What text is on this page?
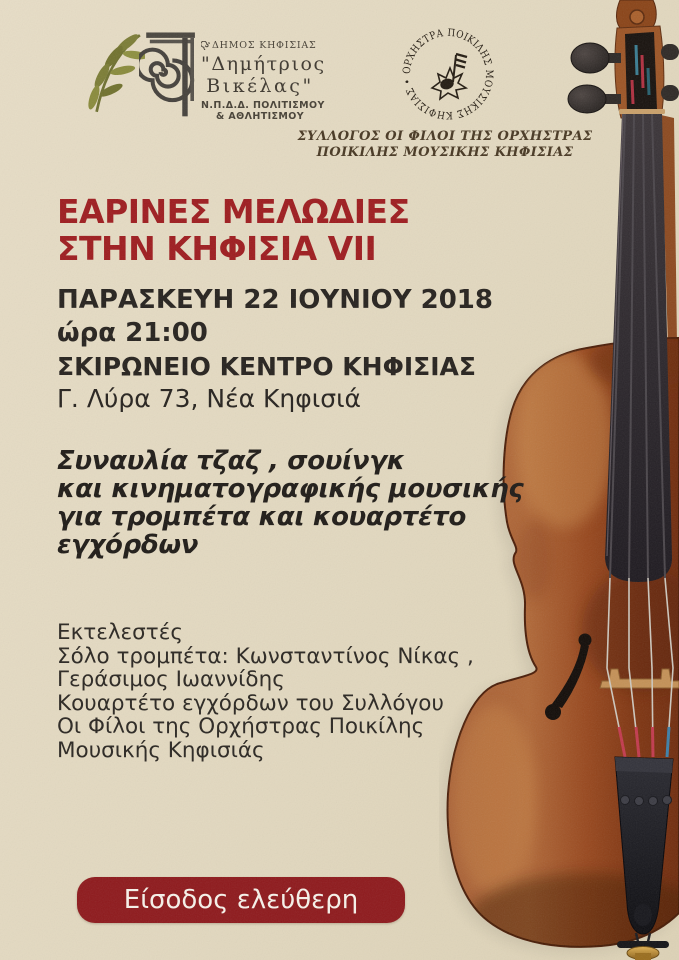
ΔΗΜΟΣ ΚΗΦΙΣΙΑΣ
"Δημήτριος
Βικέλας"
Ν.Π.Δ.Δ. ΠΟΛΙΤΙΣΜΟΥ
& ΑΘΛΗΤΙΣΜΟΥ
ΟΡΧΗΣΤΡΑ ΠΟΙΚΙΛΗΣ ΜΟΥΣΙΚΗΣ ΚΗΦΙΣΙΑΣ •
ΣΥΛΛΟΓΟΣ ΟΙ ΦΙΛΟΙ ΤΗΣ ΟΡΧΗΣΤΡΑΣ
ΠΟΙΚΙΛΗΣ ΜΟΥΣΙΚΗΣ ΚΗΦΙΣΙΑΣ
ΕΑΡΙΝΕΣ ΜΕΛΩΔΙΕΣ
ΣΤΗΝ ΚΗΦΙΣΙΑ VII
ΠΑΡΑΣΚΕΥΗ 22 ΙΟΥΝΙΟΥ 2018
ώρα 21:00
ΣΚΙΡΩΝΕΙΟ ΚΕΝΤΡΟ ΚΗΦΙΣΙΑΣ
Γ. Λύρα 73, Νέα Κηφισιά
Συναυλία τζαζ , σουίνγκ
και κινηματογραφικής μουσικής
για τρομπέτα και κουαρτέτο
εγχόρδων
Εκτελεστές
Σόλο τρομπέτα: Κωνσταντίνος Νίκας ,
Γεράσιμος Ιωαννίδης
Κουαρτέτο εγχόρδων του Συλλόγου
Οι Φίλοι της Ορχήστρας Ποικίλης
Μουσικής Κηφισιάς
Είσοδος ελεύθερη
